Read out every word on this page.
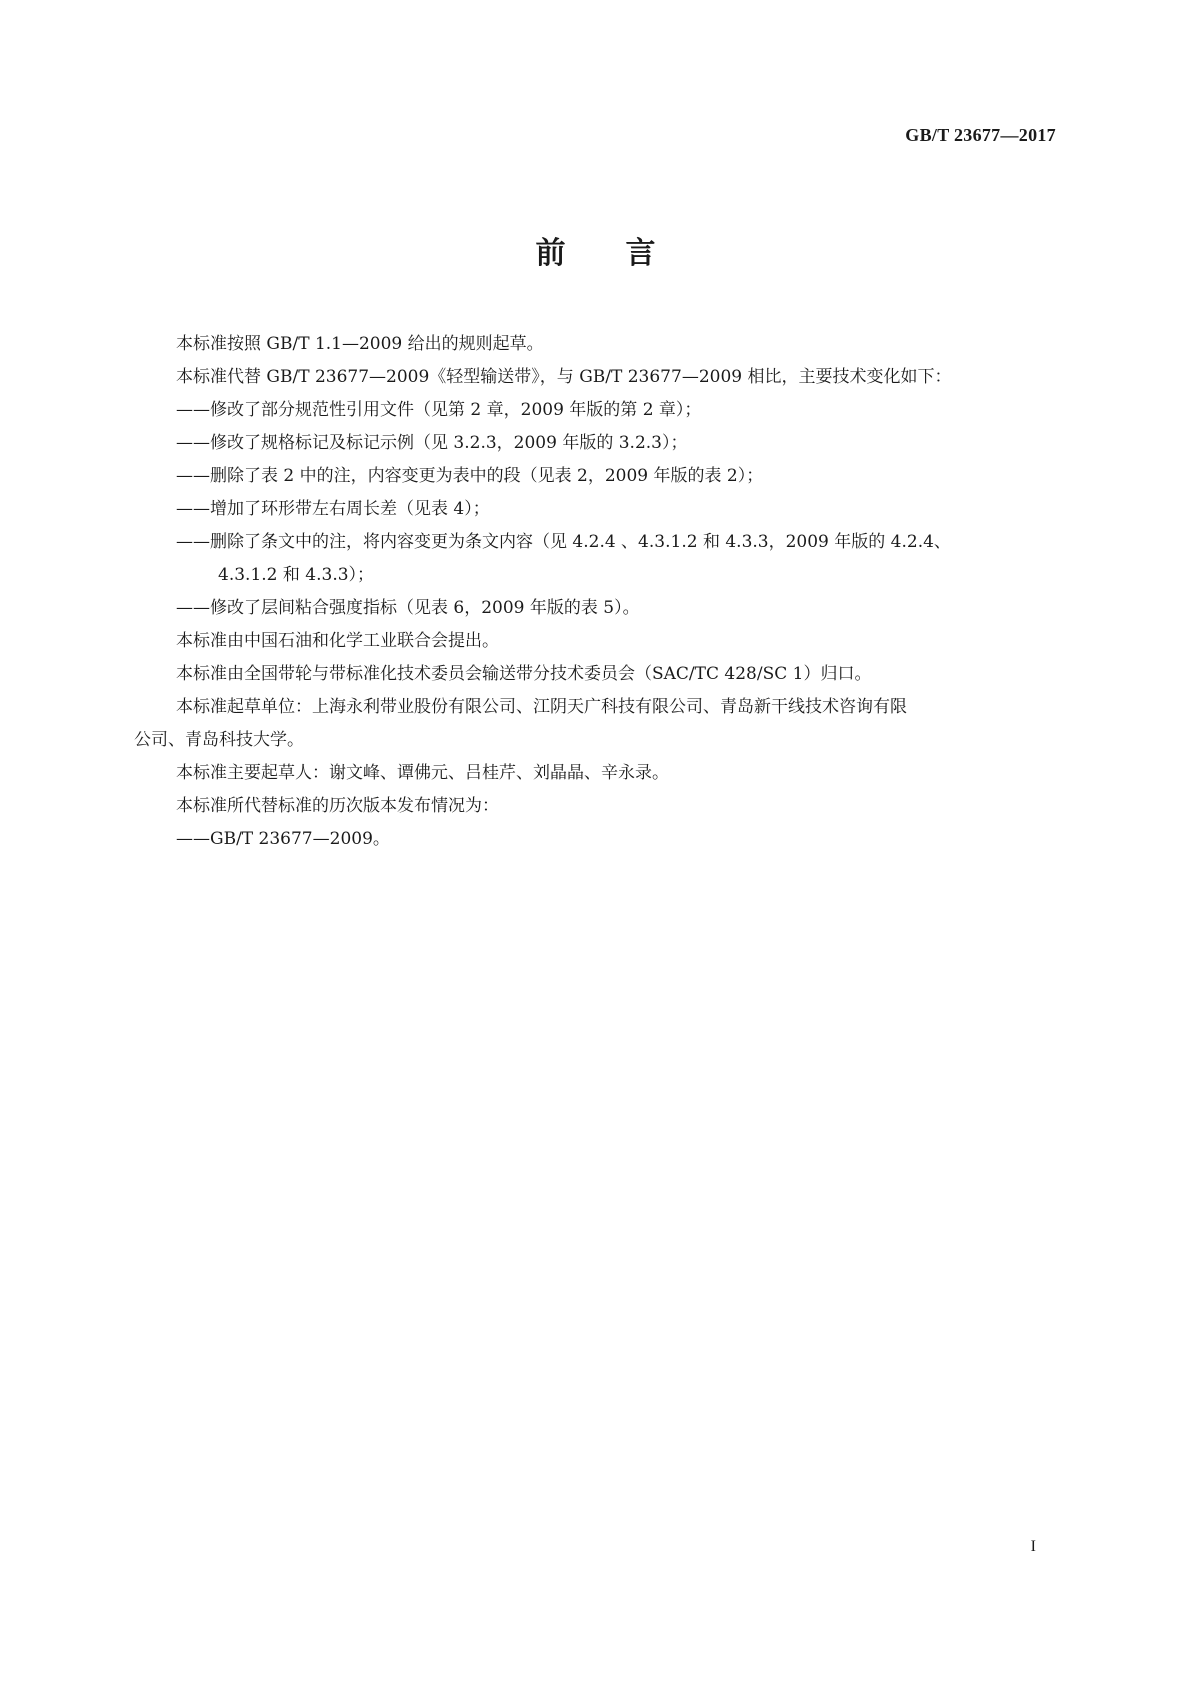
GB/T 23677—2017
前言
本标准按照 GB/T 1.1—2009 给出的规则起草。
本标准代替 GB/T 23677—2009《轻型输送带》，与 GB/T 23677—2009 相比，主要技术变化如下：
——修改了部分规范性引用文件（见第 2 章，2009 年版的第 2 章）；
——修改了规格标记及标记示例（见 3.2.3，2009 年版的 3.2.3）；
——删除了表 2 中的注，内容变更为表中的段（见表 2，2009 年版的表 2）；
——增加了环形带左右周长差（见表 4）；
——删除了条文中的注，将内容变更为条文内容（见 4.2.4 、4.3.1.2 和 4.3.3，2009 年版的 4.2.4、
4.3.1.2 和 4.3.3）；
——修改了层间粘合强度指标（见表 6，2009 年版的表 5）。
本标准由中国石油和化学工业联合会提出。
本标准由全国带轮与带标准化技术委员会输送带分技术委员会（SAC/TC 428/SC 1）归口。
本标准起草单位：上海永利带业股份有限公司、江阴天广科技有限公司、青岛新干线技术咨询有限
公司、青岛科技大学。
本标准主要起草人：谢文峰、谭佛元、吕桂芹、刘晶晶、辛永录。
本标准所代替标准的历次版本发布情况为：
——GB/T 23677—2009。
I
